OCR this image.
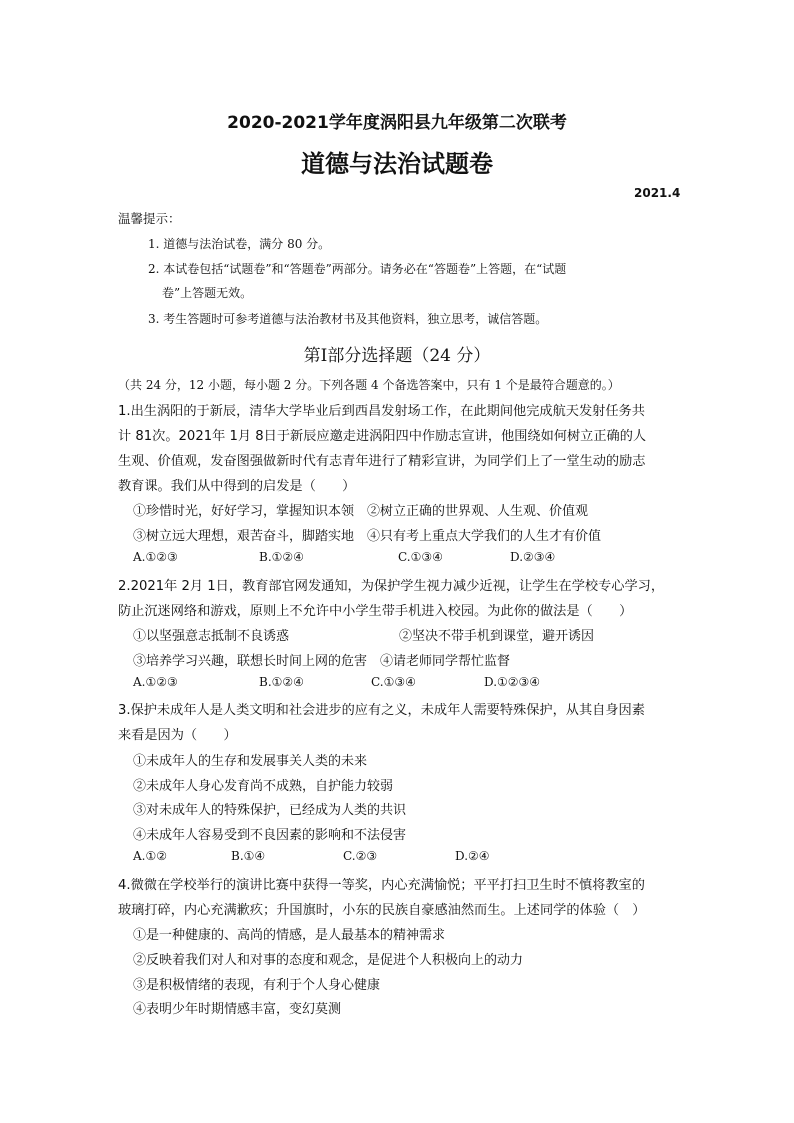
2020-2021学年度涡阳县九年级第二次联考
道德与法治试题卷
2021.4
温馨提示：
1. 道德与法治试卷，满分 80 分。
2. 本试卷包括“试题卷”和“答题卷”两部分。请务必在“答题卷”上答题，在“试题
卷”上答题无效。
3. 考生答题时可参考道德与法治教材书及其他资料，独立思考，诚信答题。
第Ⅰ部分选择题（24 分）
（共 24 分，12 小题，每小题 2 分。下列各题 4 个备选答案中，只有 1 个是最符合题意的。）
1.出生涡阳的于新辰，清华大学毕业后到西昌发射场工作，在此期间他完成航天发射任务共
计 81次。2021年 1月 8日于新辰应邀走进涡阳四中作励志宣讲，他围绕如何树立正确的人
生观、价值观，发奋图强做新时代有志青年进行了精彩宣讲，为同学们上了一堂生动的励志
教育课。我们从中得到的启发是（　　）
①珍惜时光，好好学习，掌握知识本领　②树立正确的世界观、人生观、价值观
③树立远大理想，艰苦奋斗，脚踏实地　④只有考上重点大学我们的人生才有价值
A.①②③	B.①②④	C.①③④	D.②③④
2.2021年 2月 1日，教育部官网发通知，为保护学生视力减少近视，让学生在学校专心学习，
防止沉迷网络和游戏，原则上不允许中小学生带手机进入校园。为此你的做法是（　　）
①以坚强意志抵制不良诱惑	②坚决不带手机到课堂，避开诱因
③培养学习兴趣，联想长时间上网的危害　④请老师同学帮忙监督
A.①②③	B.①②④	C.①③④	D.①②③④
3.保护未成年人是人类文明和社会进步的应有之义，未成年人需要特殊保护，从其自身因素
来看是因为（　　）
①未成年人的生存和发展事关人类的未来
②未成年人身心发育尚不成熟，自护能力较弱
③对未成年人的特殊保护，已经成为人类的共识
④未成年人容易受到不良因素的影响和不法侵害
A.①②	B.①④	C.②③	D.②④
4.微微在学校举行的演讲比赛中获得一等奖，内心充满愉悦；平平打扫卫生时不慎将教室的
玻璃打碎，内心充满歉疚；升国旗时，小东的民族自豪感油然而生。上述同学的体验（　）
①是一种健康的、高尚的情感，是人最基本的精神需求
②反映着我们对人和对事的态度和观念，是促进个人积极向上的动力
③是积极情绪的表现，有利于个人身心健康
④表明少年时期情感丰富，变幻莫测
